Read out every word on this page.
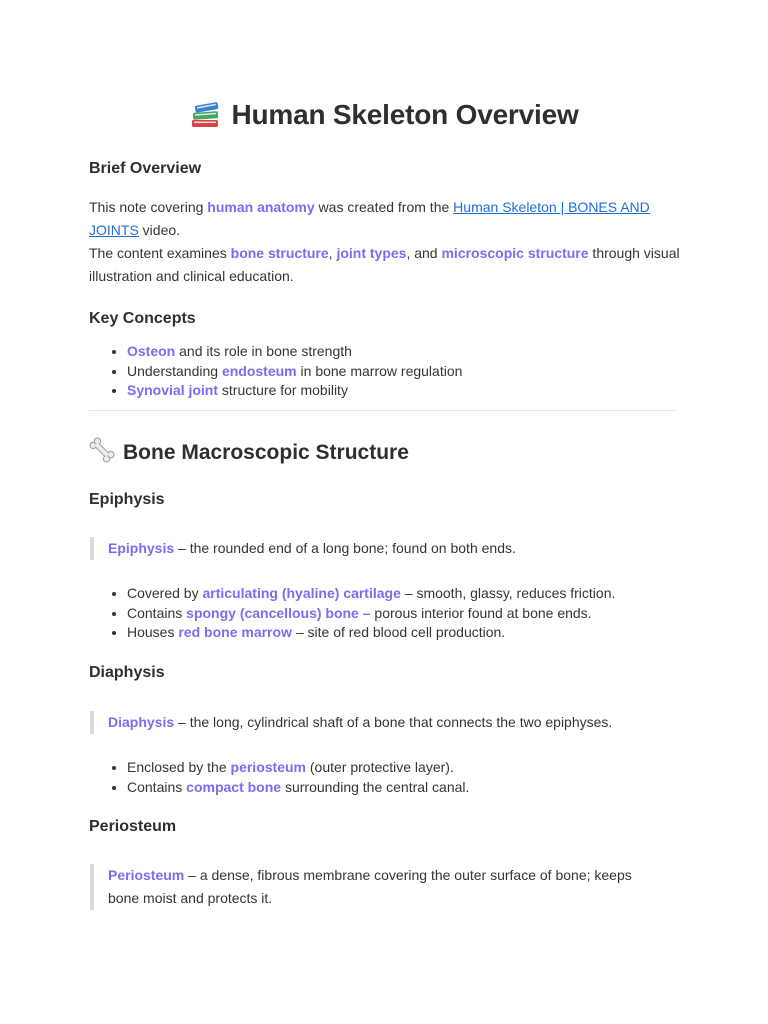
Human Skeleton Overview
Brief Overview
This note covering human anatomy was created from the Human Skeleton | BONES AND JOINTS video.
The content examines bone structure, joint types, and microscopic structure through visual illustration and clinical education.
Key Concepts
• Osteon and its role in bone strength
• Understanding endosteum in bone marrow regulation
• Synovial joint structure for mobility
Bone Macroscopic Structure
Epiphysis
Epiphysis – the rounded end of a long bone; found on both ends.
• Covered by articulating (hyaline) cartilage – smooth, glassy, reduces friction.
• Contains spongy (cancellous) bone – porous interior found at bone ends.
• Houses red bone marrow – site of red blood cell production.
Diaphysis
Diaphysis – the long, cylindrical shaft of a bone that connects the two epiphyses.
• Enclosed by the periosteum (outer protective layer).
• Contains compact bone surrounding the central canal.
Periosteum
Periosteum – a dense, fibrous membrane covering the outer surface of bone; keeps bone moist and protects it.
